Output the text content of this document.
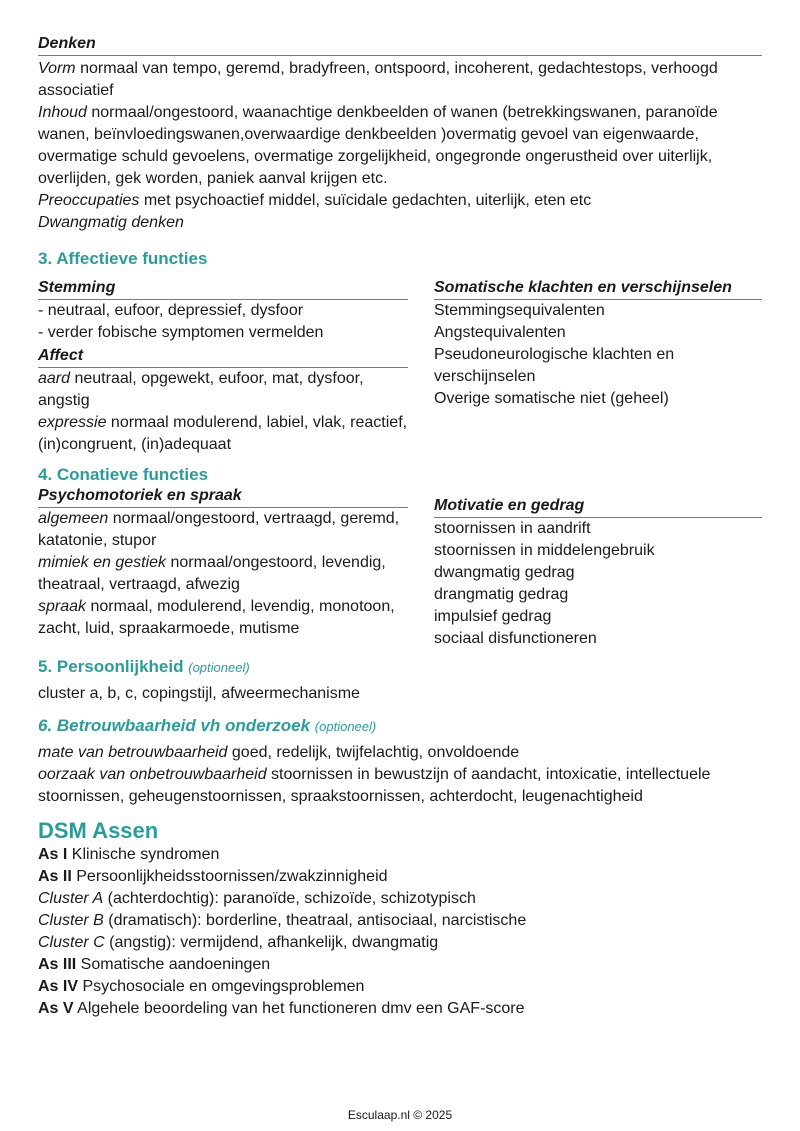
Denken

Vorm normaal van tempo, geremd, bradyfreen, ontspoord, incoherent, gedachtestops, verhoogd associatief

Inhoud normaal/ongestoord, waanachtige denkbeelden of wanen (betrekkingswanen, paranoïde wanen, beïnvloedingswanen,overwaardige denkbeelden )overmatig gevoel van eigenwaarde, overmatige schuld gevoelens, overmatige zorgelijkheid, ongegronde ongerustheid over uiterlijk, overlijden, gek worden, paniek aanval krijgen etc.

Preoccupaties met psychoactief middel, suïcidale gedachten, uiterlijk, eten etc

Dwangmatig denken

3. Affectieve functies

Stemming

- neutraal, eufoor, depressief, dysfoor

- verder fobische symptomen vermelden

Affect

aard neutraal, opgewekt, eufoor, mat, dysfoor, angstig

expressie normaal modulerend, labiel, vlak, reactief, (in)congruent, (in)adequaat

Somatische klachten en verschijnselen

Stemmingsequivalenten

Angstequivalenten

Pseudoneurologische klachten en verschijnselen

Overige somatische niet (geheel)

4. Conatieve functies

Psychomotoriek en spraak

algemeen normaal/ongestoord, vertraagd, geremd, katatonie, stupor

mimiek en gestiek normaal/ongestoord, levendig, theatraal, vertraagd, afwezig

spraak normaal, modulerend, levendig, monotoon, zacht, luid, spraakarmoede, mutisme

Motivatie en gedrag

stoornissen in aandrift

stoornissen in middelengebruik

dwangmatig gedrag

drangmatig gedrag

impulsief gedrag

sociaal disfunctioneren

5. Persoonlijkheid (optioneel)

cluster a, b, c, copingstijl, afweermechanisme

6. Betrouwbaarheid vh onderzoek (optioneel)

mate van betrouwbaarheid goed, redelijk, twijfelachtig, onvoldoende

oorzaak van onbetrouwbaarheid stoornissen in bewustzijn of aandacht, intoxicatie, intellectuele stoornissen, geheugenstoornissen, spraakstoornissen, achterdocht, leugenachtigheid

DSM Assen

As I Klinische syndromen

As II Persoonlijkheidsstoornissen/zwakzinnigheid

Cluster A (achterdochtig): paranoïde, schizoïde, schizotypisch

Cluster B (dramatisch): borderline, theatraal, antisociaal, narcistische

Cluster C (angstig): vermijdend, afhankelijk, dwangmatig

As III Somatische aandoeningen

As IV Psychosociale en omgevingsproblemen

As V Algehele beoordeling van het functioneren dmv een GAF-score

Esculaap.nl © 2025
